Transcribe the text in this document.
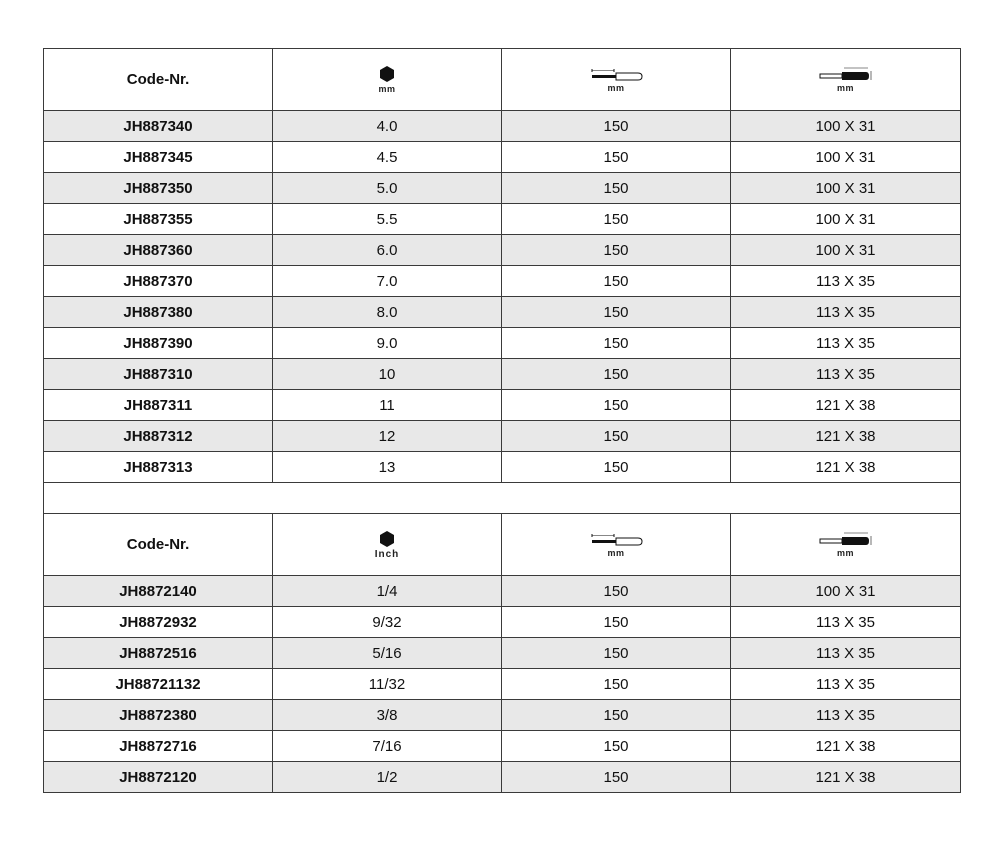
Code-Nr.	mm	mm	mm

JH887340	4.0	150	100 X 31
JH887345	4.5	150	100 X 31
JH887350	5.0	150	100 X 31
JH887355	5.5	150	100 X 31
JH887360	6.0	150	100 X 31
JH887370	7.0	150	113 X 35
JH887380	8.0	150	113 X 35
JH887390	9.0	150	113 X 35
JH887310	10	150	113 X 35
JH887311	11	150	121 X 38
JH887312	12	150	121 X 38
JH887313	13	150	121 X 38

Code-Nr.	Inch	mm	mm

JH8872140	1/4	150	100 X 31
JH8872932	9/32	150	113 X 35
JH8872516	5/16	150	113 X 35
JH88721132	11/32	150	113 X 35
JH8872380	3/8	150	113 X 35
JH8872716	7/16	150	121 X 38
JH8872120	1/2	150	121 X 38
